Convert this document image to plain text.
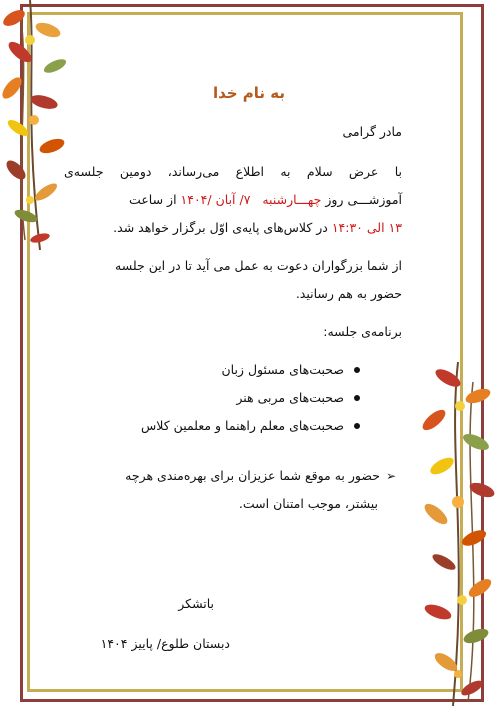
به نام خدا
مادر گرامی
با
عرض
سلام
به
اطلاع
می‌رساند،
دومین
جلسه‌ی
آموزشـــی روز چهـــارشنبه   ۷/ آبان /۱۴۰۴ از ساعت
۱۳ الی ۱۴:۳۰ در کلاس‌های پایه‌ی اوّل برگزار خواهد شد.
از شما بزرگواران دعوت به عمل می آید تا در این جلسه
حضور به هم رسانید.
برنامه‌ی جلسه:
صحبت‌های مسئول زبان
صحبت‌های مربی هنر
صحبت‌های معلم راهنما و معلمین کلاس
➢حضور به موقع شما عزیزان برای بهره‌مندی هرچه
بیشتر، موجب امتنان است.
باتشکر
دبستان طلوع/ پاییز ۱۴۰۴
